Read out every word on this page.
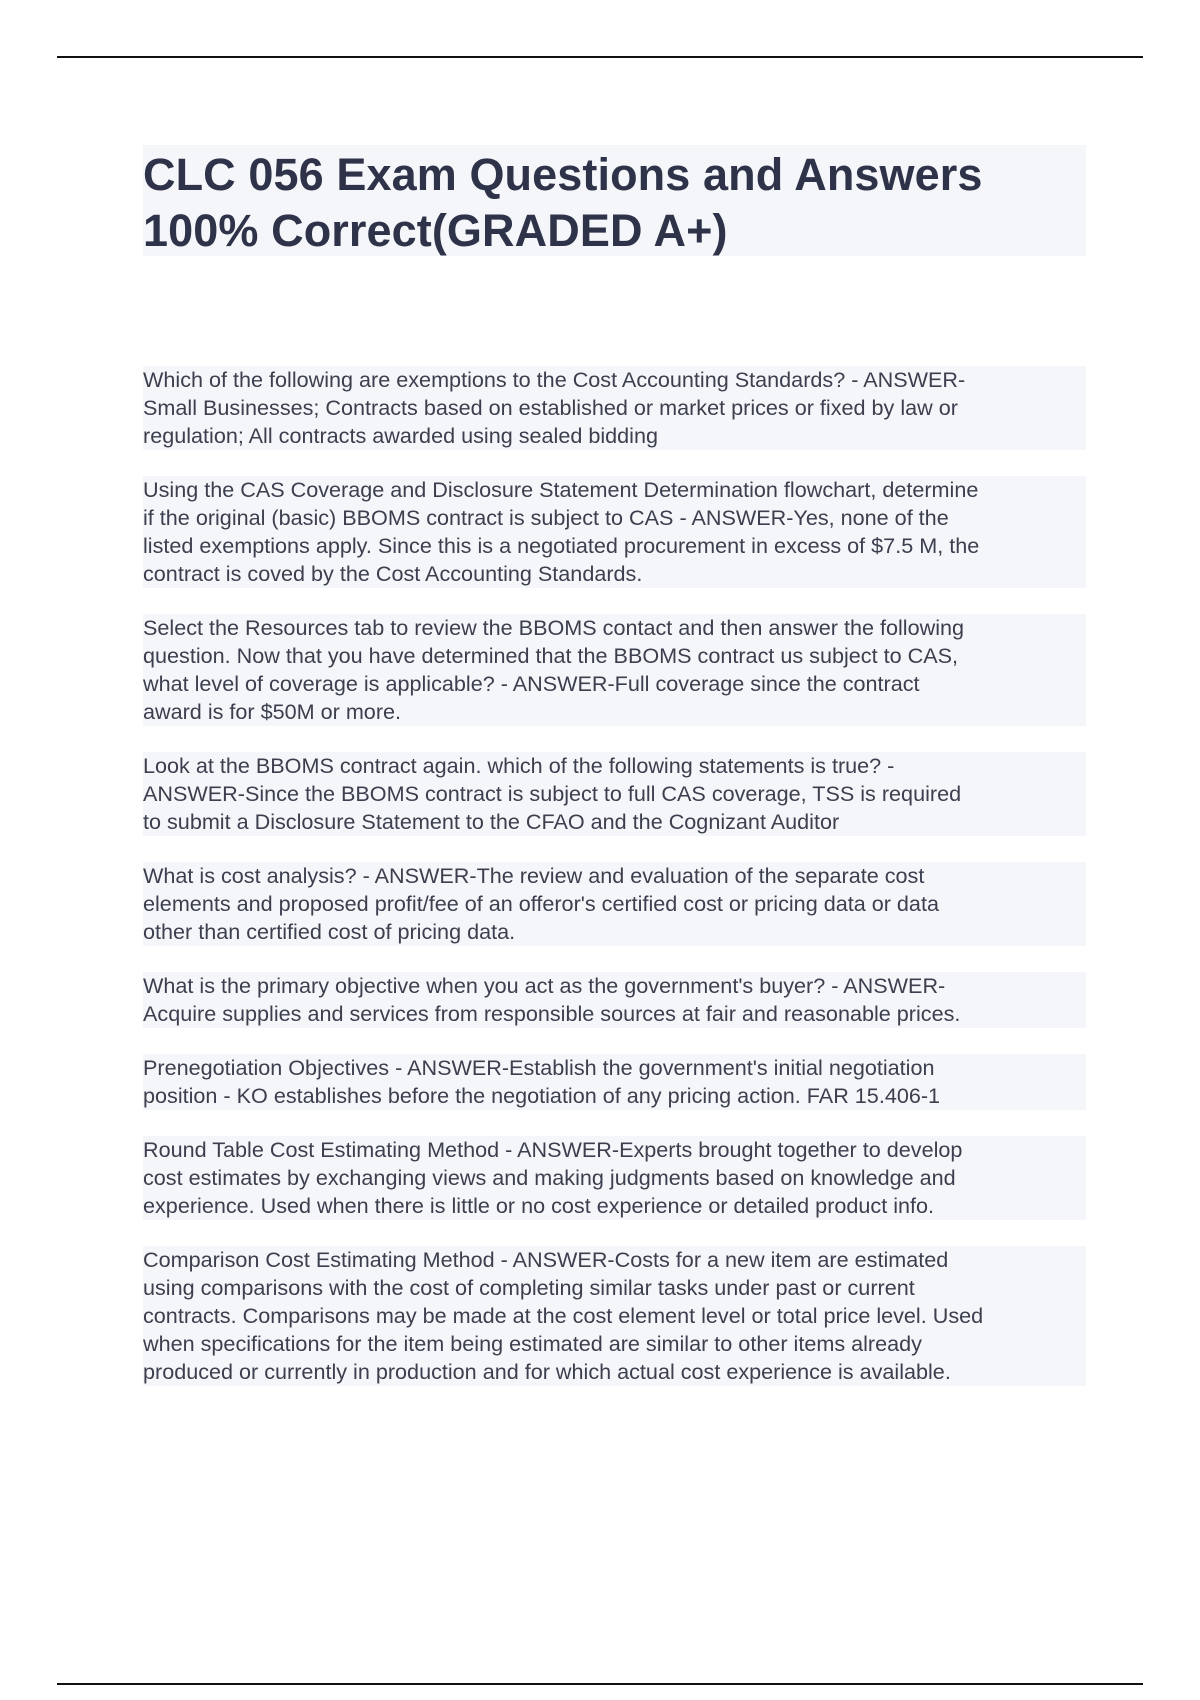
CLC 056 Exam Questions and Answers
100% Correct(GRADED A+)
Which of the following are exemptions to the Cost Accounting Standards? - ANSWER-
Small Businesses; Contracts based on established or market prices or fixed by law or
regulation; All contracts awarded using sealed bidding
Using the CAS Coverage and Disclosure Statement Determination flowchart, determine
if the original (basic) BBOMS contract is subject to CAS - ANSWER-Yes, none of the
listed exemptions apply. Since this is a negotiated procurement in excess of $7.5 M, the
contract is coved by the Cost Accounting Standards.
Select the Resources tab to review the BBOMS contact and then answer the following
question. Now that you have determined that the BBOMS contract us subject to CAS,
what level of coverage is applicable? - ANSWER-Full coverage since the contract
award is for $50M or more.
Look at the BBOMS contract again. which of the following statements is true? -
ANSWER-Since the BBOMS contract is subject to full CAS coverage, TSS is required
to submit a Disclosure Statement to the CFAO and the Cognizant Auditor
What is cost analysis? - ANSWER-The review and evaluation of the separate cost
elements and proposed profit/fee of an offeror's certified cost or pricing data or data
other than certified cost of pricing data.
What is the primary objective when you act as the government's buyer? - ANSWER-
Acquire supplies and services from responsible sources at fair and reasonable prices.
Prenegotiation Objectives - ANSWER-Establish the government's initial negotiation
position - KO establishes before the negotiation of any pricing action. FAR 15.406-1
Round Table Cost Estimating Method - ANSWER-Experts brought together to develop
cost estimates by exchanging views and making judgments based on knowledge and
experience. Used when there is little or no cost experience or detailed product info.
Comparison Cost Estimating Method - ANSWER-Costs for a new item are estimated
using comparisons with the cost of completing similar tasks under past or current
contracts. Comparisons may be made at the cost element level or total price level. Used
when specifications for the item being estimated are similar to other items already
produced or currently in production and for which actual cost experience is available.
